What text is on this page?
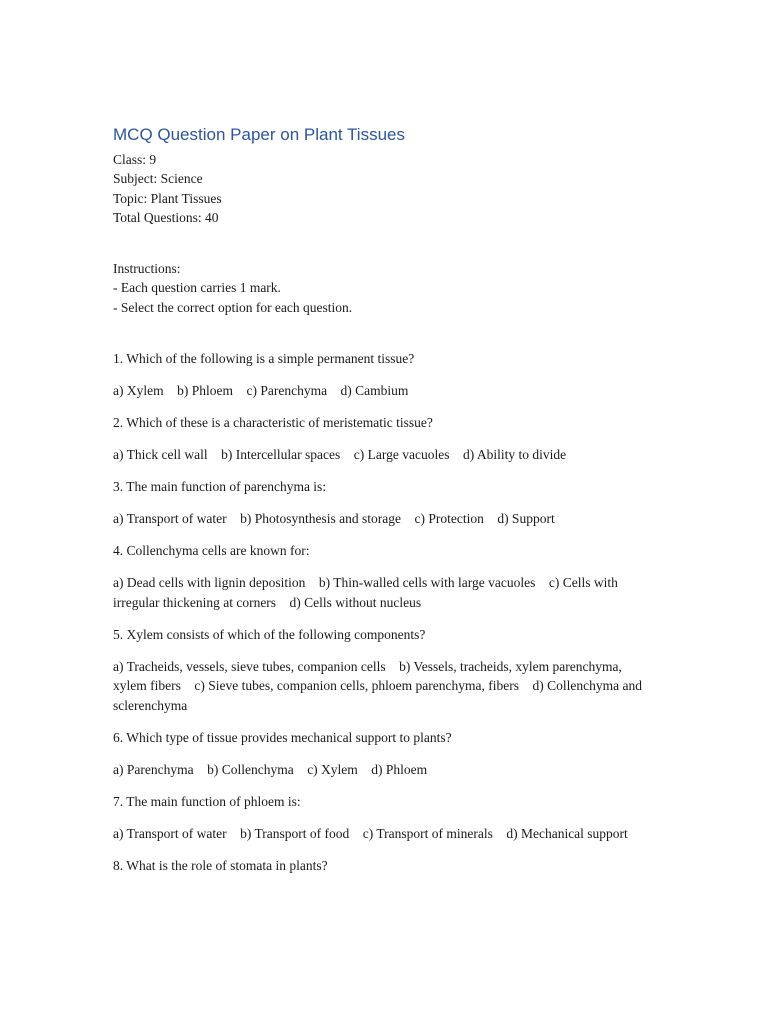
MCQ Question Paper on Plant Tissues

Class: 9

Subject: Science

Topic: Plant Tissues

Total Questions: 40

Instructions:

- Each question carries 1 mark.

- Select the correct option for each question.

1. Which of the following is a simple permanent tissue?

a) Xylem    b) Phloem    c) Parenchyma    d) Cambium

2. Which of these is a characteristic of meristematic tissue?

a) Thick cell wall    b) Intercellular spaces    c) Large vacuoles    d) Ability to divide

3. The main function of parenchyma is:

a) Transport of water    b) Photosynthesis and storage    c) Protection    d) Support

4. Collenchyma cells are known for:

a) Dead cells with lignin deposition    b) Thin-walled cells with large vacuoles    c) Cells with irregular thickening at corners    d) Cells without nucleus

5. Xylem consists of which of the following components?

a) Tracheids, vessels, sieve tubes, companion cells    b) Vessels, tracheids, xylem parenchyma, xylem fibers    c) Sieve tubes, companion cells, phloem parenchyma, fibers    d) Collenchyma and sclerenchyma

6. Which type of tissue provides mechanical support to plants?

a) Parenchyma    b) Collenchyma    c) Xylem    d) Phloem

7. The main function of phloem is:

a) Transport of water    b) Transport of food    c) Transport of minerals    d) Mechanical support

8. What is the role of stomata in plants?
